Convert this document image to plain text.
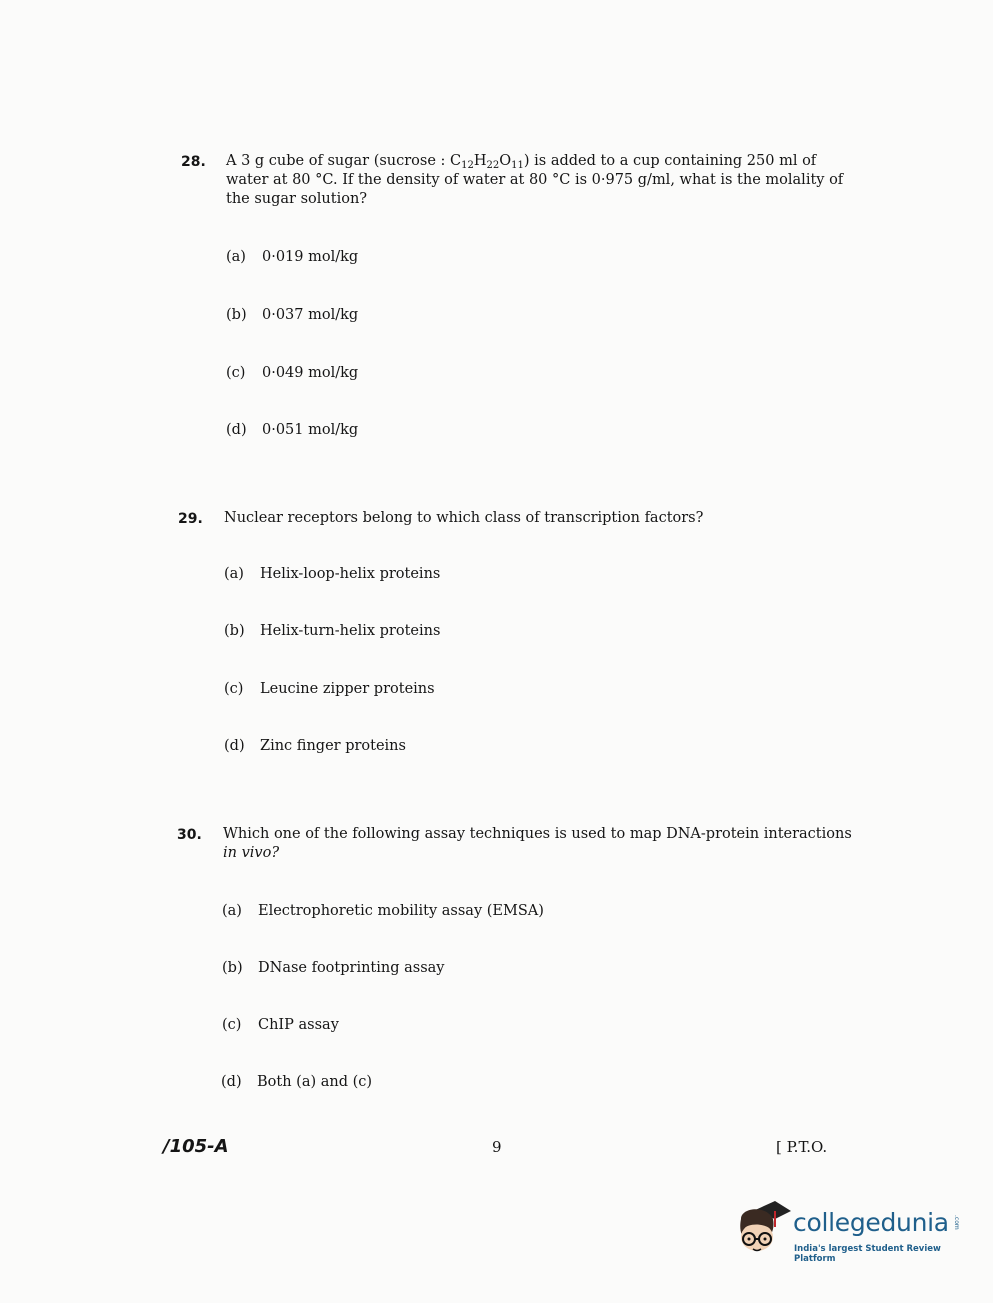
28. A 3 g cube of sugar (sucrose : $C_{12}H_{22}O_{11}$) is added to a cup containing 250 ml of water at 80 °C. If the density of water at 80 °C is 0·975 g/ml, what is the molality of the sugar solution?
(a) 0·019 mol/kg
(b) 0·037 mol/kg
(c) 0·049 mol/kg
(d) 0·051 mol/kg
29. Nuclear receptors belong to which class of transcription factors?
(a) Helix-loop-helix proteins
(b) Helix-turn-helix proteins
(c) Leucine zipper proteins
(d) Zinc finger proteins
30. Which one of the following assay techniques is used to map DNA-protein interactions
in vivo?
(a) Electrophoretic mobility assay (EMSA)
(b) DNase footprinting assay
(c) ChIP assay
(d) Both (a) and (c)
/105-A	9	[ P.T.O.
collegedunia .com
India's largest Student Review Platform
